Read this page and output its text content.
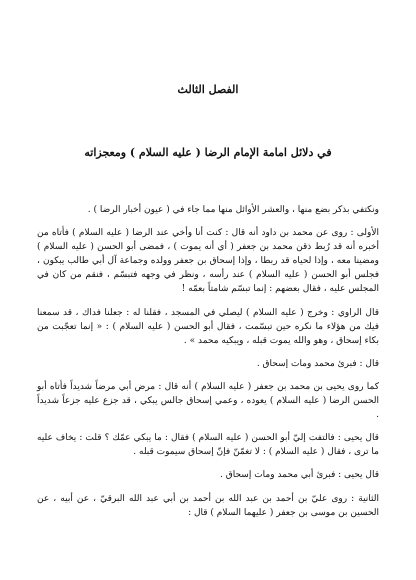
الفصل الثالث
في دلائل امامة الإمام الرضا ( عليه السلام ) ومعجزاته

ونكتفي بذكر بضع منها ، والعشر الأوائل منها مما جاء في ( عيون أخبار الرضا ) .

الأولى : روى عن محمد بن داود أنه قال : كنت أنا وأخي عند الرضا ( عليه السلام ) فأتاه من أخبره أنه قد رُبط ذقن محمد بن جعفر ( أي أنه يموت ) ، فمضى أبو الحسن ( عليه السلام ) ومضينا معه ، وإذا لحياه قد ربطا ، وإذا إسحاق بن جعفر وولده وجماعة آل أبي طالب يبكون ، فجلس أبو الحسن ( عليه السلام ) عند رأسه ، ونظر في وجهه فتبسّم ، فنقم من كان في المجلس عليه ، فقال بعضهم : إنما تبسّم شامتاً بعمّه !

قال الراوي : وخرج ( عليه السلام ) ليصلي في المسجد ، فقلنا له : جعلنا فداك ، قد سمعنا فيك من هؤلاء ما نكره حين تبسّمت ، فقال أبو الحسن ( عليه السلام ) : « إنما تعجّبت من بكاء إسحاق ، وهو والله يموت قبله ، ويبكيه محمد » .

قال : فبرئ محمد ومات إسحاق .

كما روى يحيى بن محمد بن جعفر ( عليه السلام ) أنه قال : مرض أبي مرضاً شديداً فأتاه أبو الحسن الرضا ( عليه السلام ) يعوده ، وعمي إسحاق جالس يبكي ، قد جزع عليه جزعاً شديداً .

قال يحيى : فالتفت إليّ أبو الحسن ( عليه السلام ) فقال : ما يبكي عمّك ؟ قلت : يخاف عليه ما ترى ، فقال ( عليه السلام ) : لا تغمّنّ فإنّ إسحاق سيموت قبله .

قال يحيى : فبرئ أبي محمد ومات إسحاق .

الثانية : روى عليّ بن أحمد بن عبد الله بن أحمد بن أبي عبد الله البرقيّ ، عن أبيه ، عن الحسين بن موسى بن جعفر ( عليهما السلام ) قال :
